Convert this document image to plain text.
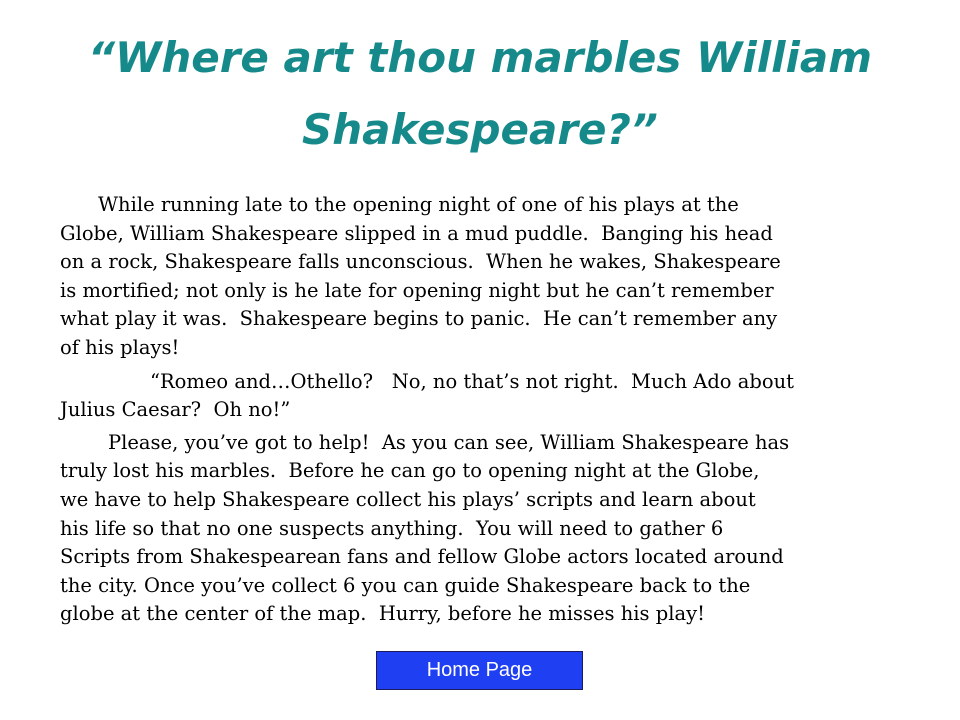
“Where art thou marbles William
Shakespeare?”
While running late to the opening night of one of his plays at the
Globe, William Shakespeare slipped in a mud puddle.  Banging his head
on a rock, Shakespeare falls unconscious.  When he wakes, Shakespeare
is mortified; not only is he late for opening night but he can’t remember
what play it was.  Shakespeare begins to panic.  He can’t remember any
of his plays!
“Romeo and…Othello?   No, no that’s not right.  Much Ado about
Julius Caesar?  Oh no!”
Please, you’ve got to help!  As you can see, William Shakespeare has
truly lost his marbles.  Before he can go to opening night at the Globe,
we have to help Shakespeare collect his plays’ scripts and learn about
his life so that no one suspects anything.  You will need to gather 6
Scripts from Shakespearean fans and fellow Globe actors located around
the city. Once you’ve collect 6 you can guide Shakespeare back to the
globe at the center of the map.  Hurry, before he misses his play!
Home Page
